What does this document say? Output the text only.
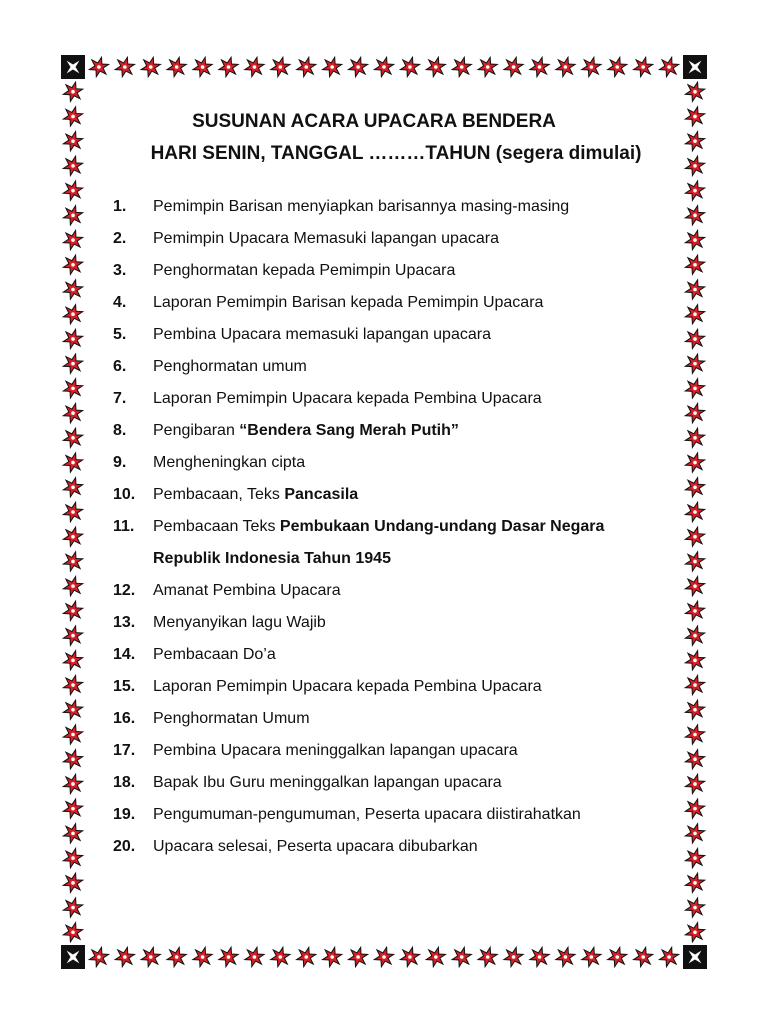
SUSUNAN ACARA UPACARA BENDERA
HARI SENIN, TANGGAL ………TAHUN (segera dimulai)
1. Pemimpin Barisan menyiapkan barisannya masing-masing
2. Pemimpin Upacara Memasuki lapangan upacara
3. Penghormatan kepada Pemimpin Upacara
4. Laporan Pemimpin Barisan kepada Pemimpin Upacara
5. Pembina Upacara memasuki lapangan upacara
6. Penghormatan umum
7. Laporan Pemimpin Upacara kepada Pembina Upacara
8. Pengibaran “Bendera Sang Merah Putih”
9. Mengheningkan cipta
10. Pembacaan, Teks Pancasila
11. Pembacaan Teks Pembukaan Undang-undang Dasar Negara
Republik Indonesia Tahun 1945
12. Amanat Pembina Upacara
13. Menyanyikan lagu Wajib
14. Pembacaan Do’a
15. Laporan Pemimpin Upacara kepada Pembina Upacara
16. Penghormatan Umum
17. Pembina Upacara meninggalkan lapangan upacara
18. Bapak Ibu Guru meninggalkan lapangan upacara
19. Pengumuman-pengumuman, Peserta upacara diistirahatkan
20. Upacara selesai, Peserta upacara dibubarkan
